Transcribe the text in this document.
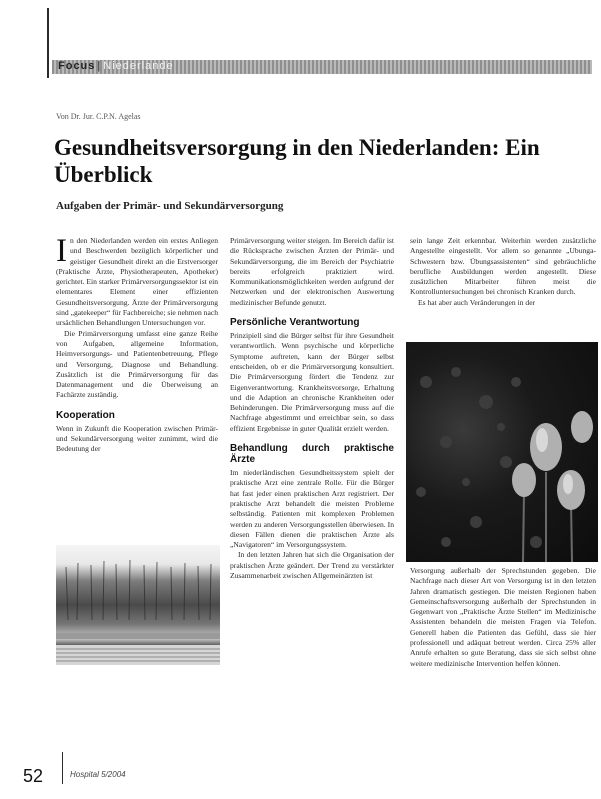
Focus | Niederlande
Von Dr. Jur. C.P.N. Agelas
Gesundheitsversorgung in den Niederlanden: Ein Überblick
Aufgaben der Primär- und Sekundärversorgung

In den Niederlanden werden ein erstes Anliegen und Beschwerden bezüglich körperlicher und geistiger Gesundheit direkt an die Erstversorger (Praktische Ärzte, Physiotherapeuten, Apotheker) gerichtet. Ein starker Primärversorgungssektor ist ein elementares Element einer effizienten Gesundheitsversorgung. Ärzte der Primärversorgung sind „gatekeeper“ für Fachbereiche; sie nehmen nach ursächlichen Behandlungen Untersuchungen vor.

Die Primärversorgung umfasst eine ganze Reihe von Aufgaben, allgemeine Information, Heimversorgungs- und Patientenbetreuung, Pflege und Versorgung, Diagnose und Behandlung. Zusätzlich ist die Primärversorgung für das Datenmanagement und die Überweisung an Fachärzte zuständig.

Kooperation

Wenn in Zukunft die Kooperation zwischen Primär- und Sekundärversorgung weiter zunimmt, wird die Bedeutung der

Primärversorgung weiter steigen. Im Bereich dafür ist die Rücksprache zwischen Ärzten der Primär- und Sekundärversorgung, die im Bereich der Psychiatrie bereits erfolgreich praktiziert wird. Kommunikationsmöglichkeiten werden aufgrund der Netzwerken und der elektronischen Auswertung medizinischer Befunde genutzt.

Persönliche Verantwortung

Prinzipiell sind die Bürger selbst für ihre Gesundheit verantwortlich. Wenn psychische und körperliche Symptome auftreten, kann der Bürger selbst entscheiden, ob er die Primärversorgung konsultiert. Die Primärversorgung fördert die Tendenz zur Eigenverantwortung. Krankheitsvorsorge, Erhaltung und die Adaption an chronische Krankheiten oder Behinderungen. Die Primärversorgung muss auf die Nachfrage abgestimmt und erreichbar sein, so dass effizient Ergebnisse in guter Qualität erzielt werden.

Behandlung durch praktische Ärzte

Im niederländischen Gesundheitssystem spielt der praktische Arzt eine zentrale Rolle. Für die Bürger hat fast jeder einen praktischen Arzt registriert. Der praktische Arzt behandelt die meisten Probleme selbständig. Patienten mit komplexen Problemen werden zu anderen Versorgungsstellen überwiesen. In diesen Fällen dienen die praktischen Ärzte als „Navigatoren“ im Versorgungssystem.

In den letzten Jahren hat sich die Organisation der praktischen Ärzte geändert. Der Trend zu verstärkter Zusammenarbeit zwischen Allgemeinärzten ist

sein lange Zeit erkennbar. Weiterhin werden zusätzliche Angestellte eingestellt. Vor allem so genannte „Ubunga-Schwestern bzw. Übungsassistenten“ sind gebräuchliche berufliche Ausbildungen werden angestellt. Diese zusätzlichen Mitarbeiter führen meist die Kontrolluntersuchungen bei chronisch Kranken durch.

Es hat aber auch Veränderungen in der

Versorgung außerhalb der Sprechstunden gegeben. Die Nachfrage nach dieser Art von Versorgung ist in den letzten Jahren dramatisch gestiegen. Die meisten Regionen haben Gemeinschaftsversorgung außerhalb der Sprechstunden in Gegenwart von „Praktische Ärzte Stellen“ im Medizinische Assistenten behandeln die meisten Fragen via Telefon. Generell haben die Patienten das Gefühl, dass sie hier professionell und adäquat betreut werden. Circa 25% aller Anrufe erhalten so gute Beratung, dass sie sich selbst ohne weitere medizinische Intervention helfen können.

52	Hospital 5/2004
